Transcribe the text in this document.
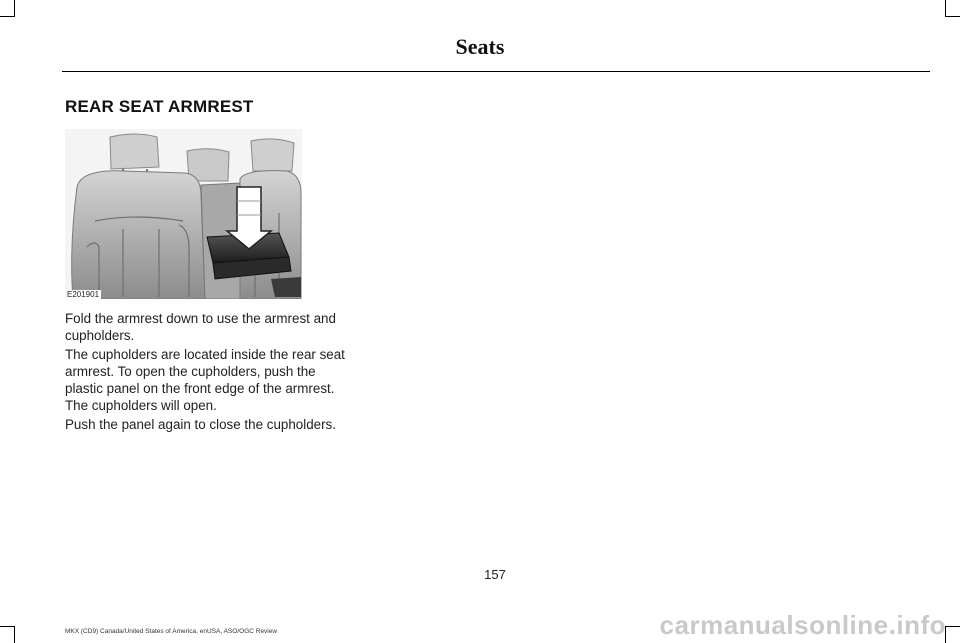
Seats
REAR SEAT ARMREST
E201901
Fold the armrest down to use the armrest and cupholders.
The cupholders are located inside the rear seat armrest. To open the cupholders, push the plastic panel on the front edge of the armrest. The cupholders will open.
Push the panel again to close the cupholders.
157
MKX (CD9) Canada/United States of America, enUSA, ASO/OGC Review	carmanualsonline.info
